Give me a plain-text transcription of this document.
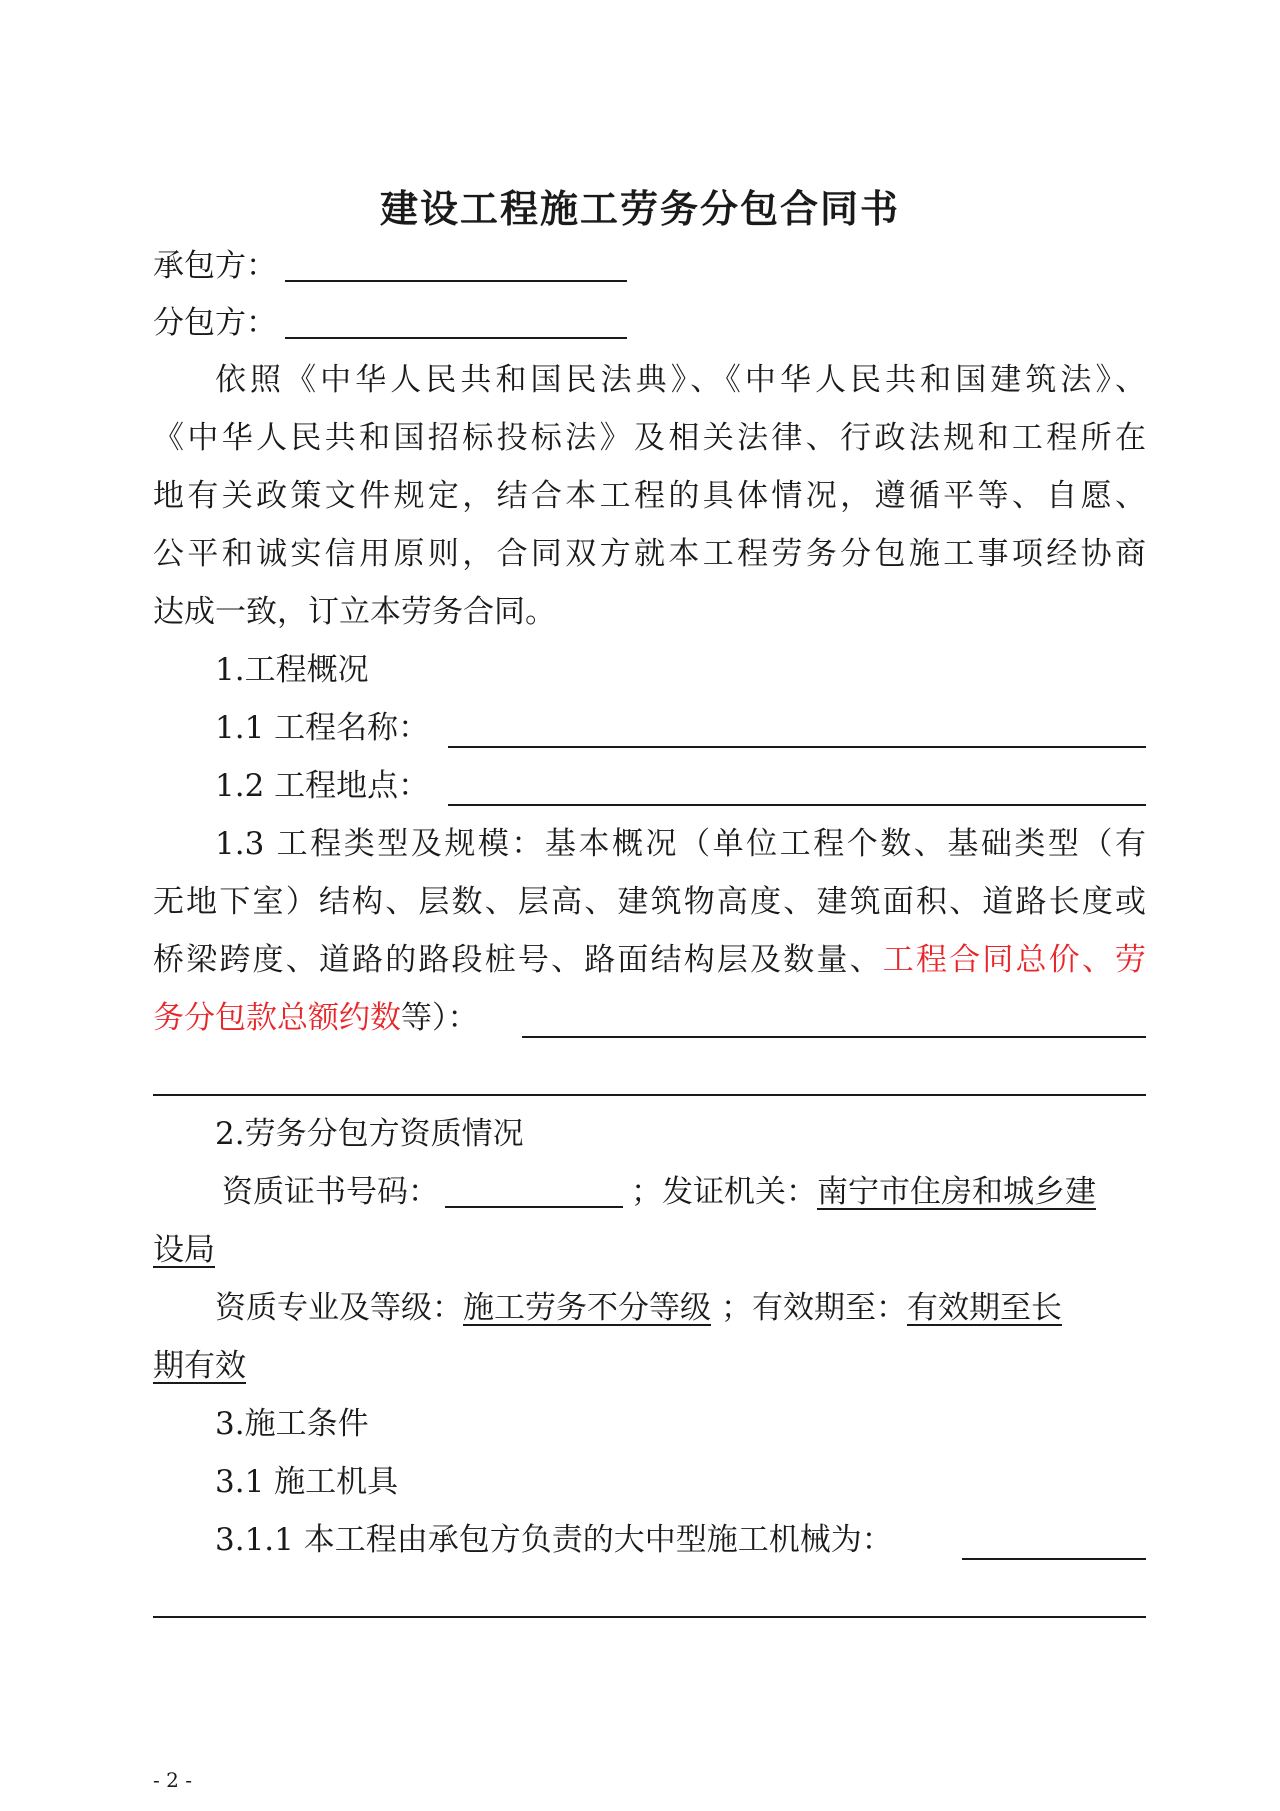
建设工程施工劳务分包合同书
承包方：
分包方：
依照《中华人民共和国民法典》、《中华人民共和国建筑法》、
《中华人民共和国招标投标法》及相关法律、行政法规和工程所在
地有关政策文件规定，结合本工程的具体情况，遵循平等、自愿、
公平和诚实信用原则，合同双方就本工程劳务分包施工事项经协商
达成一致，订立本劳务合同。
1.工程概况
1.1 工程名称：
1.2 工程地点：
1.3 工程类型及规模：基本概况（单位工程个数、基础类型（有
无地下室）结构、层数、层高、建筑物高度、建筑面积、道路长度或
桥梁跨度、道路的路段桩号、路面结构层及数量、工程合同总价、劳
务分包款总额约数等）：
2.劳务分包方资质情况
资质证书号码：	；发证机关：南宁市住房和城乡建
设局
资质专业及等级：施工劳务不分等级 ；有效期至：有效期至长
期有效
3.施工条件
3.1 施工机具
3.1.1 本工程由承包方负责的大中型施工机械为：
- 2 -
